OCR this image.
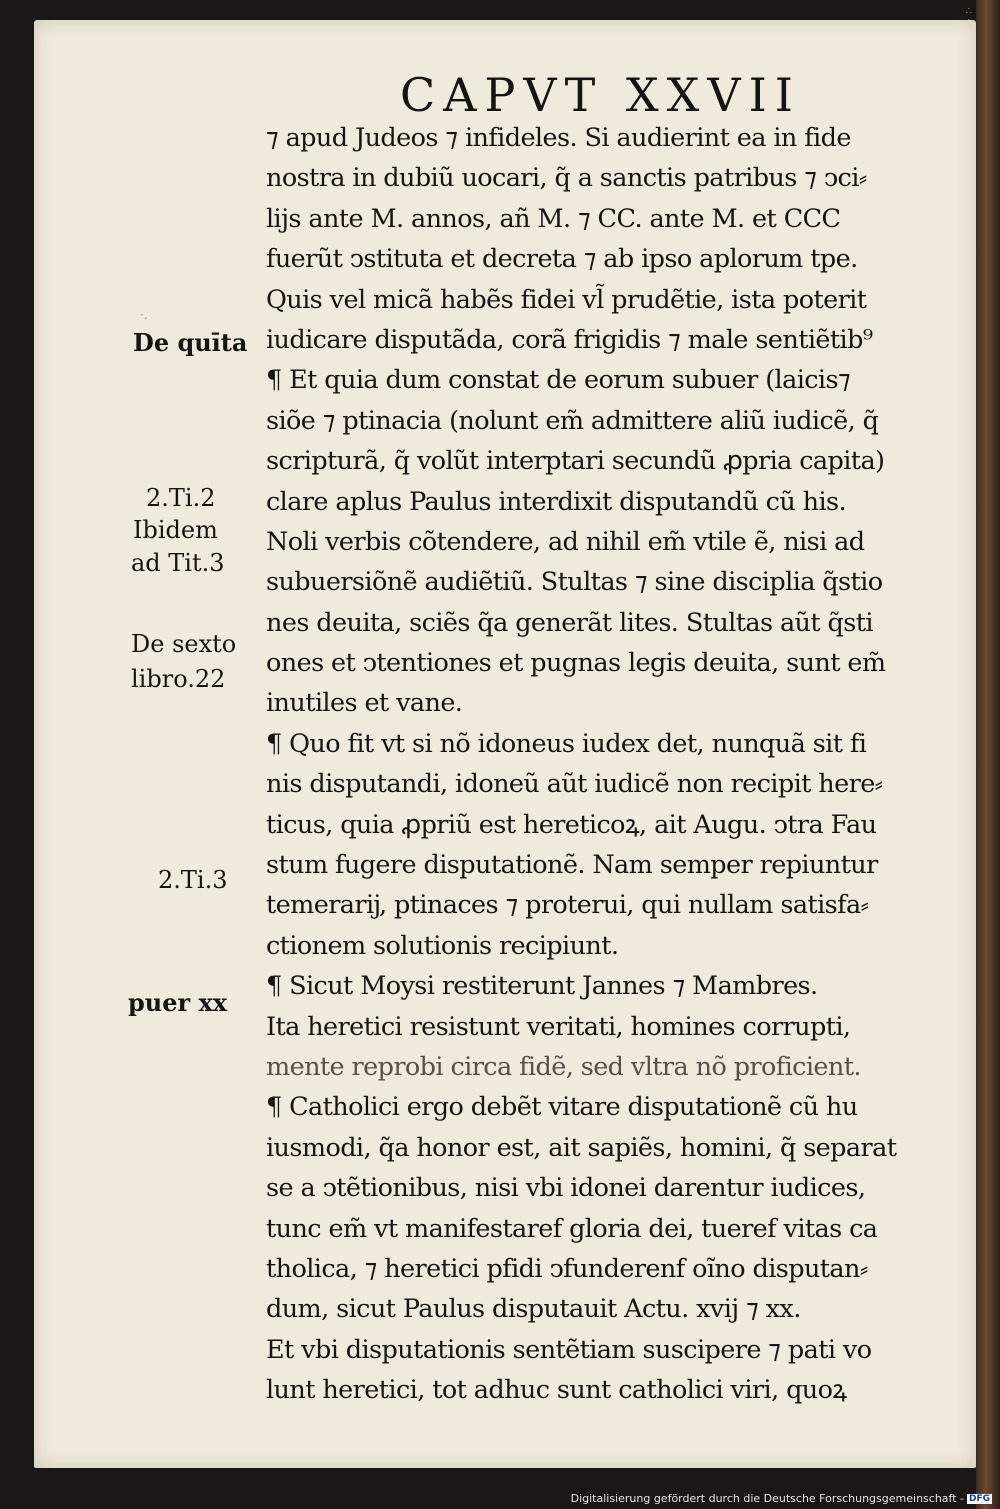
∴
CAPVT XXVII
⁊ apud Judeos ⁊ infideles. Si audierint ea in fide
nostra in dubiũ uocari, q̃ a sanctis patribus ⁊ ↄci⸗
lijs ante M. annos, añ M. ⁊ CC. ante M. et CCC
fuerũt ↄstituta et decreta ⁊ ab ipso aplorum tpe.
Quis vel micã habẽs fidei vl̃ prudẽtie, ista poterit
iudicare disputãda, corã frigidis ⁊ male sentiẽtib⁹
¶ Et quia dum constat de eorum subuer (laicis⁊
siõe ⁊ ptinacia (nolunt em̃ admittere aliũ iudicẽ, q̃
scripturã, q̃ volũt interptari secundũ ꝓpria capita)
clare aplus Paulus interdixit disputandũ cũ his.
Noli verbis cõtendere, ad nihil em̃ vtile ẽ, nisi ad
subuersiõnẽ audiẽtiũ. Stultas ⁊ sine disciplia q̃stio
nes deuita, sciẽs q̃a generãt lites. Stultas aũt q̃sti
ones et ↄtentiones et pugnas legis deuita, sunt em̃
inutiles et vane.
¶ Quo fit vt si nõ idoneus iudex det, nunquã sit fi
nis disputandi, idoneũ aũt iudicẽ non recipit here⸗
ticus, quia ꝓpriũ est hereticoꝝ, ait Augu. ↄtra Fau
stum fugere disputationẽ. Nam semper repiuntur
temerarĳ, ptinaces ⁊ proterui, qui nullam satisfa⸗
ctionem solutionis recipiunt.
¶ Sicut Moysi restiterunt Jannes ⁊ Mambres.
Ita heretici resistunt veritati, homines corrupti,
mente reprobi circa fidẽ, sed vltra nõ proficient.
¶ Catholici ergo debẽt vitare disputationẽ cũ hu
iusmodi, q̃a honor est, ait sapiẽs, homini, q̃ separat
se a ↄtẽtionibus, nisi vbi idonei darentur iudices,
tunc em̃ vt manifestaref gloria dei, tueref vitas ca
tholica, ⁊ heretici pfidi ↄfunderenf oĩno disputan⸗
dum, sicut Paulus disputauit Actu. xvij ⁊ xx.
Et vbi disputationis sentẽtiam suscipere ⁊ pati vo
lunt heretici, tot adhuc sunt catholici viri, quoꝝ
·.
De quīta
2.Ti.2
Ibidem
ad Tit.3
De sexto
libro.22
2.Ti.3
puer xx
Digitalisierung gefördert durch die Deutsche Forschungsgemeinschaft - DFG
